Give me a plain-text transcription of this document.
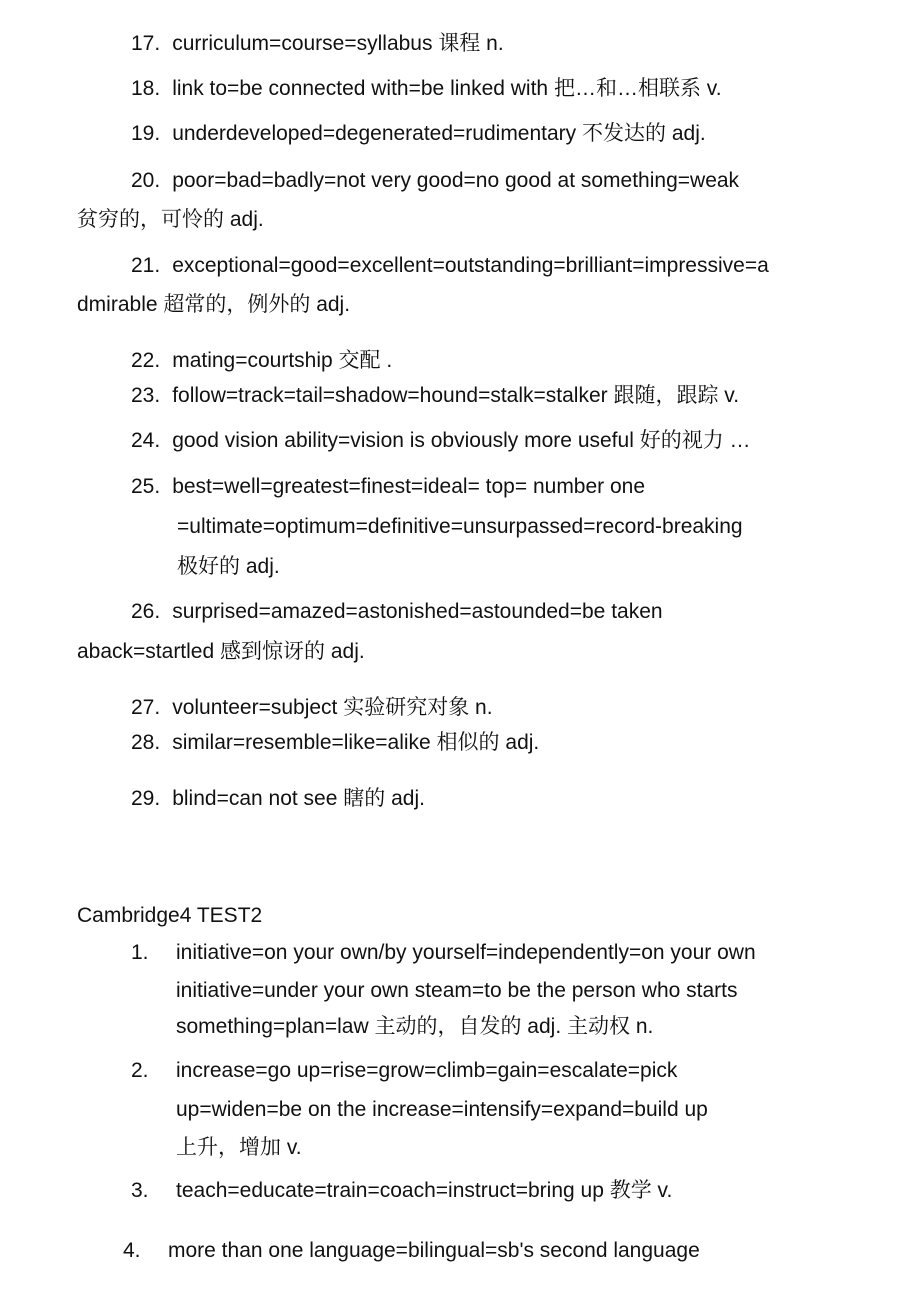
17. curriculum=course=syllabus 课程 n.
18. link to=be connected with=be linked with 把…和…相联系 v.
19. underdeveloped=degenerated=rudimentary 不发达的 adj.
20. poor=bad=badly=not very good=no good at something=weak
贫穷的，可怜的 adj.
21. exceptional=good=excellent=outstanding=brilliant=impressive=a
dmirable 超常的，例外的 adj.
22. mating=courtship 交配 .
23. follow=track=tail=shadow=hound=stalk=stalker 跟随，跟踪 v.
24. good vision ability=vision is obviously more useful 好的视力 …
25. best=well=greatest=finest=ideal= top= number one
=ultimate=optimum=definitive=unsurpassed=record-breaking
极好的 adj.
26. surprised=amazed=astonished=astounded=be taken
aback=startled 感到惊讶的 adj.
27. volunteer=subject 实验研究对象 n.
28. similar=resemble=like=alike 相似的 adj.
29. blind=can not see 瞎的 adj.
Cambridge4 TEST2
1. initiative=on your own/by yourself=independently=on your own
initiative=under your own steam=to be the person who starts
something=plan=law 主动的，自发的 adj. 主动权 n.
2. increase=go up=rise=grow=climb=gain=escalate=pick
up=widen=be on the increase=intensify=expand=build up
上升，增加 v.
3. teach=educate=train=coach=instruct=bring up 教学 v.
4. more than one language=bilingual=sb's second language
